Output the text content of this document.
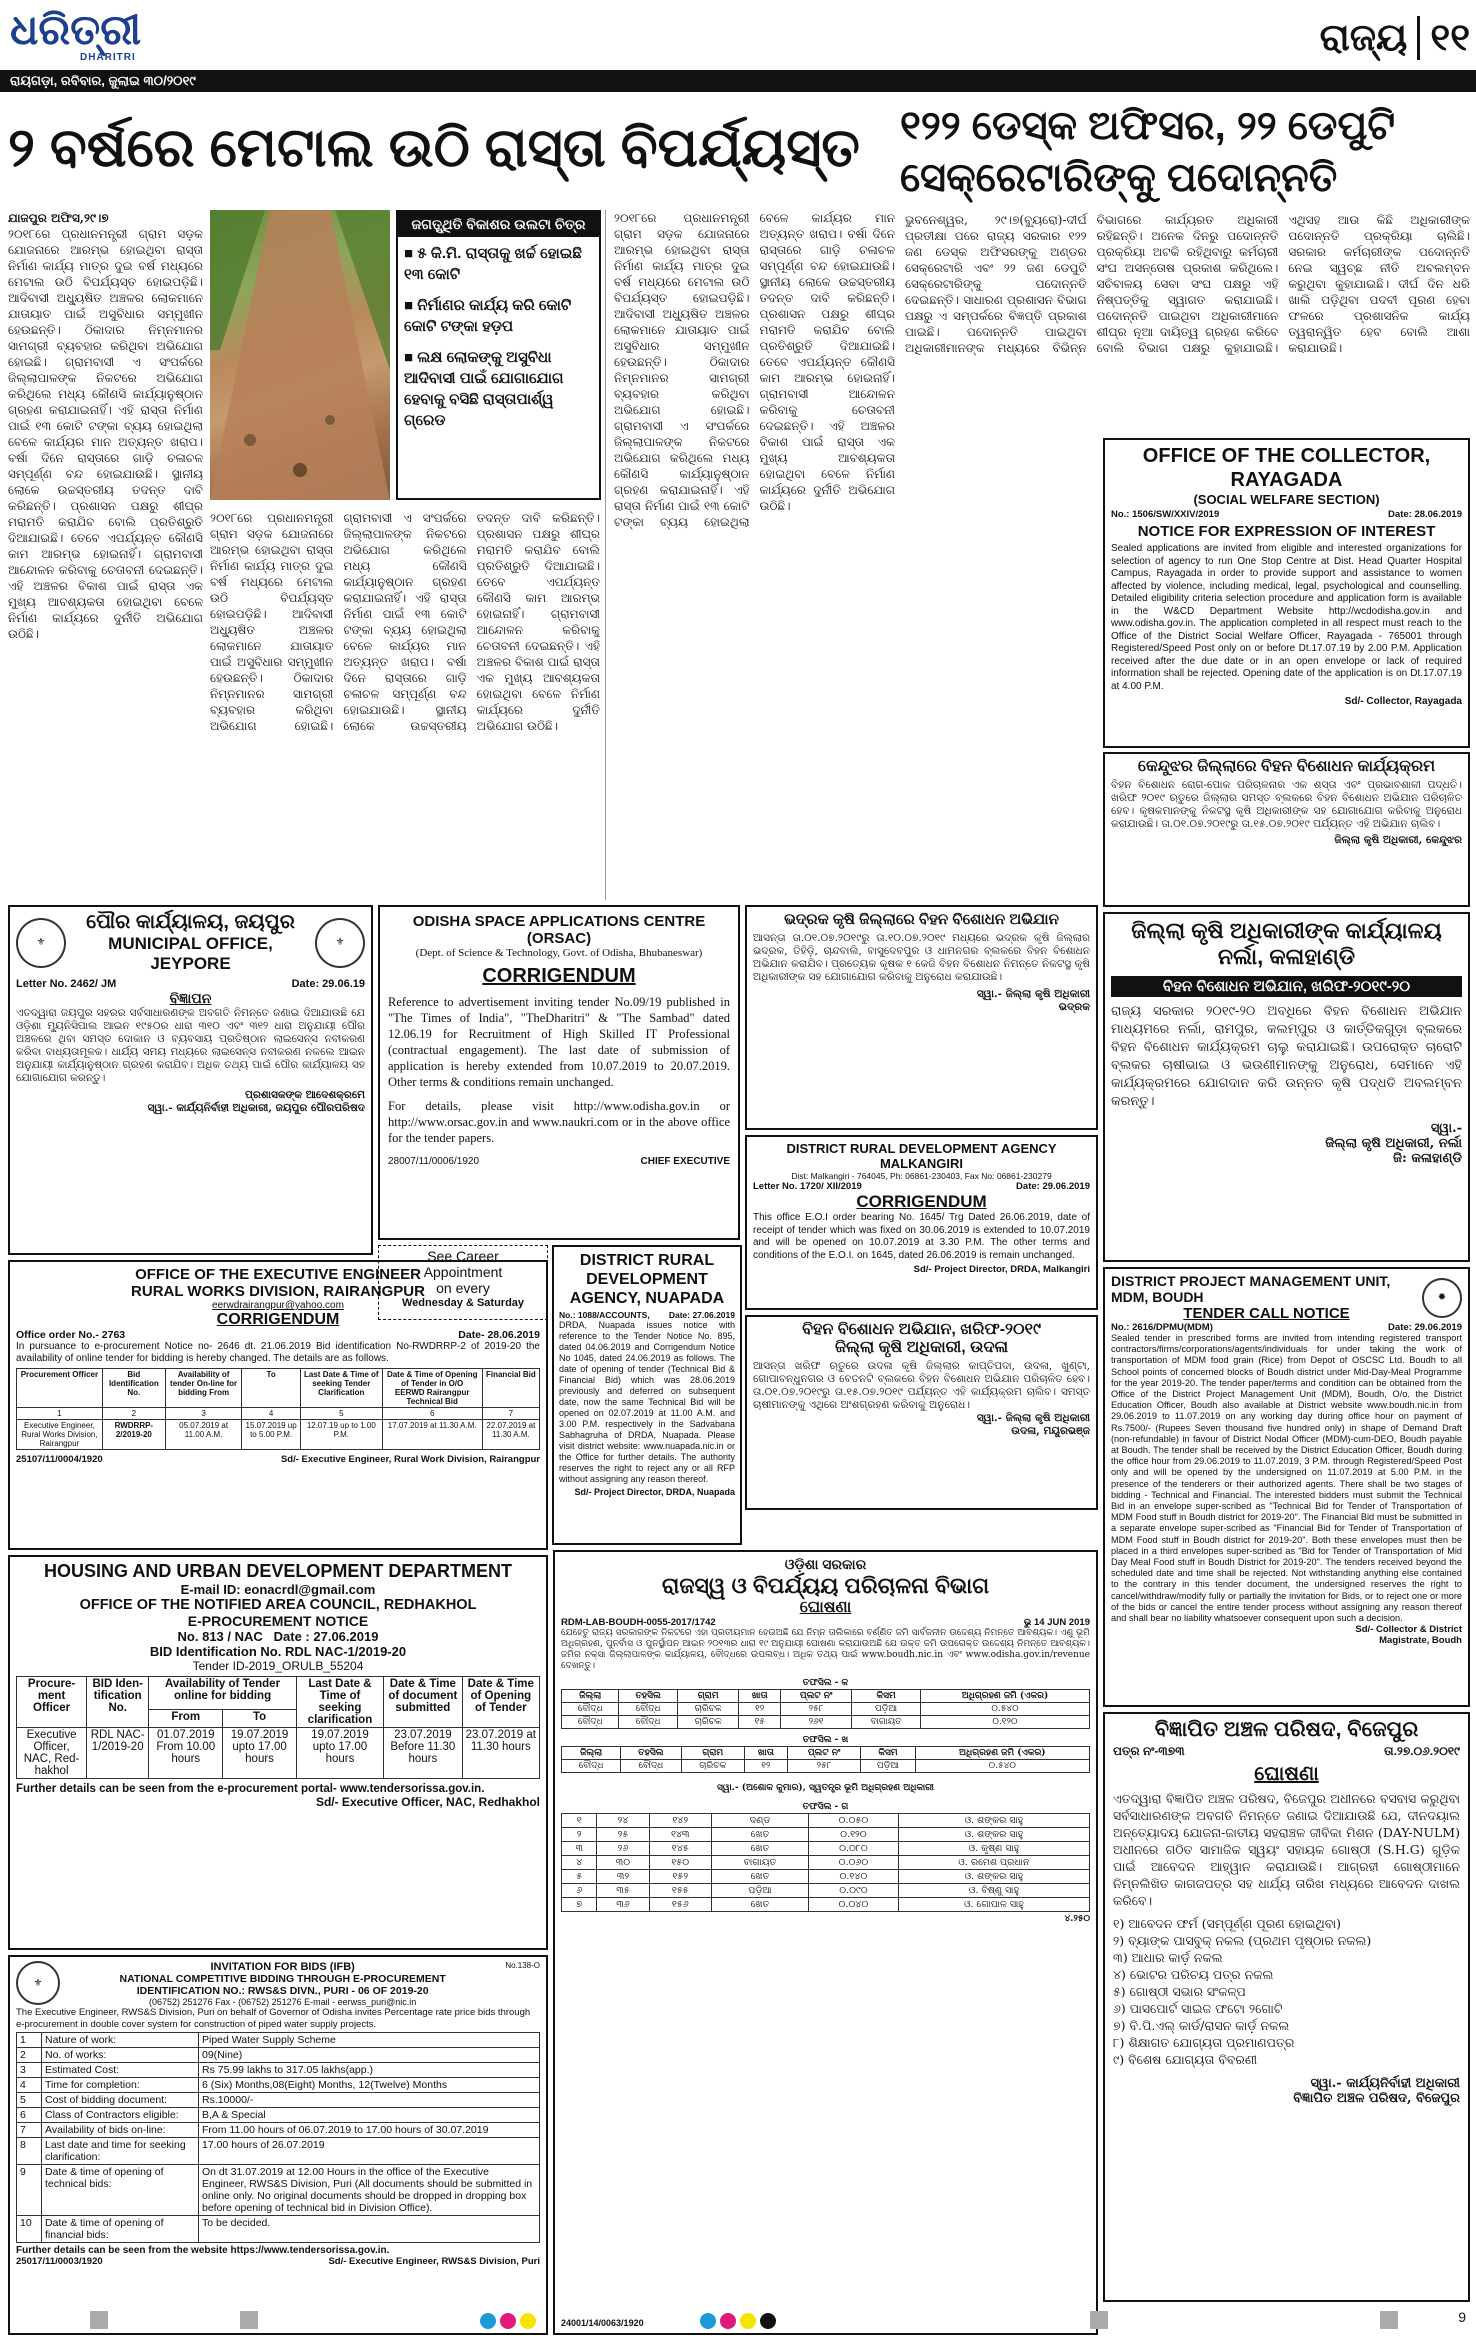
ଧରିତ୍ରୀ
DHARITRI
ରାୟଗଡ଼ା, ରବିବାର, ଜୁଲାଇ ୩୦/୨୦୧୯
ରାଜ୍ୟ ୧୧
୨ ବର୍ଷରେ ମେଟାଲ ଉଠି ରାସ୍ତା ବିପର୍ଯ୍ୟସ୍ତ	୧୨୨ ଡେସ୍କ ଅଫିସର, ୨୨ ଡେପୁଟି ସେକ୍ରେଟାରିଙ୍କୁ ପଦୋନ୍ନତି
ଯାଜପୁର ଅଫିସ,୨୯।୭
୨୦୧୮ରେ ପ୍ରଧାନମନ୍ତ୍ରୀ ଗ୍ରାମ ସଡ଼କ ଯୋଜନାରେ ଆରମ୍ଭ ହୋଇଥିବା ରାସ୍ତା ନିର୍ମାଣ କାର୍ଯ୍ୟ ମାତ୍ର ଦୁଇ ବର୍ଷ ମଧ୍ୟରେ ମେଟାଲ ଉଠି ବିପର୍ଯ୍ୟସ୍ତ ହୋଇପଡ଼ିଛି। ଆଦିବାସୀ ଅଧ୍ୟୁଷିତ ଅଞ୍ଚଳର ଲୋକମାନେ ଯାତାୟାତ ପାଇଁ ଅସୁବିଧାର ସମ୍ମୁଖୀନ ହେଉଛନ୍ତି। ଠିକାଦାର ନିମ୍ନମାନର ସାମଗ୍ରୀ ବ୍ୟବହାର କରିଥିବା ଅଭିଯୋଗ ହୋଇଛି। ଗ୍ରାମବାସୀ ଏ ସଂପର୍କରେ ଜିଲ୍ଲାପାଳଙ୍କ ନିକଟରେ ଅଭିଯୋଗ କରିଥିଲେ ମଧ୍ୟ କୌଣସି କାର୍ଯ୍ୟାନୁଷ୍ଠାନ ଗ୍ରହଣ କରାଯାଇନାହିଁ। ଏହି ରାସ୍ତା ନିର୍ମାଣ ପାଇଁ ୧୩ କୋଟି ଟଙ୍କା ବ୍ୟୟ ହୋଇଥିଲା ବେଳେ କାର୍ଯ୍ୟର ମାନ ଅତ୍ୟନ୍ତ ଖରାପ। ବର୍ଷା ଦିନେ ରାସ୍ତାରେ ଗାଡ଼ି ଚଳାଚଳ ସମ୍ପୂର୍ଣ୍ଣ ବନ୍ଦ ହୋଇଯାଉଛି। ସ୍ଥାନୀୟ ଲୋକେ ଉଚ୍ଚସ୍ତରୀୟ ତଦନ୍ତ ଦାବି କରିଛନ୍ତି। ପ୍ରଶାସନ ପକ୍ଷରୁ ଶୀଘ୍ର ମରାମତି କରାଯିବ ବୋଲି ପ୍ରତିଶ୍ରୁତି ଦିଆଯାଇଛି। ତେବେ ଏପର୍ଯ୍ୟନ୍ତ କୌଣସି କାମ ଆରମ୍ଭ ହୋଇନାହିଁ। ଗ୍ରାମବାସୀ ଆନ୍ଦୋଳନ କରିବାକୁ ଚେତାବନୀ ଦେଇଛନ୍ତି। ଏହି ଅଞ୍ଚଳର ବିକାଶ ପାଇଁ ରାସ୍ତା ଏକ ମୁଖ୍ୟ ଆବଶ୍ୟକତା ହୋଇଥିବା ବେଳେ ନିର୍ମାଣ କାର୍ଯ୍ୟରେ ଦୁର୍ନୀତି ଅଭିଯୋଗ ଉଠିଛି।
ଜଗତ୍ସ୍ଥିତି ବିକାଶର ଉଲଟା ଚିତ୍ର
■ ୫ କି.ମି. ରାସ୍ତାକୁ ଖର୍ଚ୍ଚ ହୋଇଛି ୧୩ କୋଟି
■ ନିର୍ମାଣର କାର୍ଯ୍ୟ କରି କୋଟି କୋଟି ଟଙ୍କା ହଡ଼ପ
■ ଲକ୍ଷ ଲୋକଙ୍କୁ ଅସୁବିଧା ଆଦିବାସୀ ପାଇଁ ଯୋଗାଯୋଗ ହେବାକୁ ବସିଛି ରାସ୍ତାପାର୍ଶ୍ୱ ଗ୍ରେଡ
୨୦୧୮ରେ ପ୍ରଧାନମନ୍ତ୍ରୀ ଗ୍ରାମ ସଡ଼କ ଯୋଜନାରେ ଆରମ୍ଭ ହୋଇଥିବା ରାସ୍ତା ନିର୍ମାଣ କାର୍ଯ୍ୟ ମାତ୍ର ଦୁଇ ବର୍ଷ ମଧ୍ୟରେ ମେଟାଲ ଉଠି ବିପର୍ଯ୍ୟସ୍ତ ହୋଇପଡ଼ିଛି। ଆଦିବାସୀ ଅଧ୍ୟୁଷିତ ଅଞ୍ଚଳର ଲୋକମାନେ ଯାତାୟାତ ପାଇଁ ଅସୁବିଧାର ସମ୍ମୁଖୀନ ହେଉଛନ୍ତି। ଠିକାଦାର ନିମ୍ନମାନର ସାମଗ୍ରୀ ବ୍ୟବହାର କରିଥିବା ଅଭିଯୋଗ ହୋଇଛି। ଗ୍ରାମବାସୀ ଏ ସଂପର୍କରେ ଜିଲ୍ଲାପାଳଙ୍କ ନିକଟରେ ଅଭିଯୋଗ କରିଥିଲେ ମଧ୍ୟ କୌଣସି କାର୍ଯ୍ୟାନୁଷ୍ଠାନ ଗ୍ରହଣ କରାଯାଇନାହିଁ। ଏହି ରାସ୍ତା ନିର୍ମାଣ ପାଇଁ ୧୩ କୋଟି ଟଙ୍କା ବ୍ୟୟ ହୋଇଥିଲା ବେଳେ କାର୍ଯ୍ୟର ମାନ ଅତ୍ୟନ୍ତ ଖରାପ। ବର୍ଷା ଦିନେ ରାସ୍ତାରେ ଗାଡ଼ି ଚଳାଚଳ ସମ୍ପୂର୍ଣ୍ଣ ବନ୍ଦ ହୋଇଯାଉଛି। ସ୍ଥାନୀୟ ଲୋକେ ଉଚ୍ଚସ୍ତରୀୟ ତଦନ୍ତ ଦାବି କରିଛନ୍ତି। ପ୍ରଶାସନ ପକ୍ଷରୁ ଶୀଘ୍ର ମରାମତି କରାଯିବ ବୋଲି ପ୍ରତିଶ୍ରୁତି ଦିଆଯାଇଛି। ତେବେ ଏପର୍ଯ୍ୟନ୍ତ କୌଣସି କାମ ଆରମ୍ଭ ହୋଇନାହିଁ। ଗ୍ରାମବାସୀ ଆନ୍ଦୋଳନ କରିବାକୁ ଚେତାବନୀ ଦେଇଛନ୍ତି। ଏହି ଅଞ୍ଚଳର ବିକାଶ ପାଇଁ ରାସ୍ତା ଏକ ମୁଖ୍ୟ ଆବଶ୍ୟକତା ହୋଇଥିବା ବେଳେ ନିର୍ମାଣ କାର୍ଯ୍ୟରେ ଦୁର୍ନୀତି ଅଭିଯୋଗ ଉଠିଛି।
୨୦୧୮ରେ ପ୍ରଧାନମନ୍ତ୍ରୀ ଗ୍ରାମ ସଡ଼କ ଯୋଜନାରେ ଆରମ୍ଭ ହୋଇଥିବା ରାସ୍ତା ନିର୍ମାଣ କାର୍ଯ୍ୟ ମାତ୍ର ଦୁଇ ବର୍ଷ ମଧ୍ୟରେ ମେଟାଲ ଉଠି ବିପର୍ଯ୍ୟସ୍ତ ହୋଇପଡ଼ିଛି। ଆଦିବାସୀ ଅଧ୍ୟୁଷିତ ଅଞ୍ଚଳର ଲୋକମାନେ ଯାତାୟାତ ପାଇଁ ଅସୁବିଧାର ସମ୍ମୁଖୀନ ହେଉଛନ୍ତି। ଠିକାଦାର ନିମ୍ନମାନର ସାମଗ୍ରୀ ବ୍ୟବହାର କରିଥିବା ଅଭିଯୋଗ ହୋଇଛି। ଗ୍ରାମବାସୀ ଏ ସଂପର୍କରେ ଜିଲ୍ଲାପାଳଙ୍କ ନିକଟରେ ଅଭିଯୋଗ କରିଥିଲେ ମଧ୍ୟ କୌଣସି କାର୍ଯ୍ୟାନୁଷ୍ଠାନ ଗ୍ରହଣ କରାଯାଇନାହିଁ। ଏହି ରାସ୍ତା ନିର୍ମାଣ ପାଇଁ ୧୩ କୋଟି ଟଙ୍କା ବ୍ୟୟ ହୋଇଥିଲା ବେଳେ କାର୍ଯ୍ୟର ମାନ ଅତ୍ୟନ୍ତ ଖରାପ। ବର୍ଷା ଦିନେ ରାସ୍ତାରେ ଗାଡ଼ି ଚଳାଚଳ ସମ୍ପୂର୍ଣ୍ଣ ବନ୍ଦ ହୋଇଯାଉଛି। ସ୍ଥାନୀୟ ଲୋକେ ଉଚ୍ଚସ୍ତରୀୟ ତଦନ୍ତ ଦାବି କରିଛନ୍ତି। ପ୍ରଶାସନ ପକ୍ଷରୁ ଶୀଘ୍ର ମରାମତି କରାଯିବ ବୋଲି ପ୍ରତିଶ୍ରୁତି ଦିଆଯାଇଛି। ତେବେ ଏପର୍ଯ୍ୟନ୍ତ କୌଣସି କାମ ଆରମ୍ଭ ହୋଇନାହିଁ। ଗ୍ରାମବାସୀ ଆନ୍ଦୋଳନ କରିବାକୁ ଚେତାବନୀ ଦେଇଛନ୍ତି। ଏହି ଅଞ୍ଚଳର ବିକାଶ ପାଇଁ ରାସ୍ତା ଏକ ମୁଖ୍ୟ ଆବଶ୍ୟକତା ହୋଇଥିବା ବେଳେ ନିର୍ମାଣ କାର୍ଯ୍ୟରେ ଦୁର୍ନୀତି ଅଭିଯୋଗ ଉଠିଛି।
ଭୁବନେଶ୍ୱର, ୨୯।୭(ବ୍ୟୁରୋ)-ଦୀର୍ଘ ପ୍ରତୀକ୍ଷା ପରେ ରାଜ୍ୟ ସରକାର ୧୨୨ ଜଣ ଡେସ୍କ ଅଫିସରଙ୍କୁ ଅଣ୍ଡର ସେକ୍ରେଟାରି ଏବଂ ୨୨ ଜଣ ଡେପୁଟି ସେକ୍ରେଟାରିଙ୍କୁ ପଦୋନ୍ନତି ଦେଇଛନ୍ତି। ସାଧାରଣ ପ୍ରଶାସନ ବିଭାଗ ପକ୍ଷରୁ ଏ ସମ୍ପର୍କରେ ବିଜ୍ଞପ୍ତି ପ୍ରକାଶ ପାଇଛି। ପଦୋନ୍ନତି ପାଇଥିବା ଅଧିକାରୀମାନଙ୍କ ମଧ୍ୟରେ ବିଭିନ୍ନ ବିଭାଗରେ କାର୍ଯ୍ୟରତ ଅଧିକାରୀ ରହିଛନ୍ତି। ଅନେକ ଦିନରୁ ପଦୋନ୍ନତି ପ୍ରକ୍ରିୟା ଅଟକି ରହିଥିବାରୁ କର୍ମଚାରୀ ସଂଘ ଅସନ୍ତୋଷ ପ୍ରକାଶ କରିଥିଲେ। ସଚିବାଳୟ ସେବା ସଂଘ ପକ୍ଷରୁ ଏହି ନିଷ୍ପତ୍ତିକୁ ସ୍ୱାଗତ କରାଯାଇଛି। ପଦୋନ୍ନତି ପାଇଥିବା ଅଧିକାରୀମାନେ ଶୀଘ୍ର ନୂଆ ଦାୟିତ୍ୱ ଗ୍ରହଣ କରିବେ ବୋଲି ବିଭାଗ ପକ୍ଷରୁ କୁହାଯାଇଛି। ଏଥିସହ ଆଉ କିଛି ଅଧିକାରୀଙ୍କ ପଦୋନ୍ନତି ପ୍ରକ୍ରିୟା ଚାଲିଛି। ସରକାର କର୍ମଚାରୀଙ୍କ ପଦୋନ୍ନତି ନେଇ ସ୍ୱଚ୍ଛ ନୀତି ଅବଲମ୍ବନ କରୁଥିବା କୁହାଯାଇଛି। ଦୀର୍ଘ ଦିନ ଧରି ଖାଲି ପଡ଼ିଥିବା ପଦବୀ ପୂରଣ ହେବା ଫଳରେ ପ୍ରଶାସନିକ କାର୍ଯ୍ୟ ତ୍ୱରାନ୍ୱିତ ହେବ ବୋଲି ଆଶା କରାଯାଉଛି।
OFFICE OF THE COLLECTOR, RAYAGADA
(SOCIAL WELFARE SECTION)
No.: 1506/SW/XXIV/2019	Date: 28.06.2019
NOTICE FOR EXPRESSION OF INTEREST
Sealed applications are invited from eligible and interested organizations for selection of agency to run One Stop Centre at Dist. Head Quarter Hospital Campus, Rayagada in order to provide support and assistance to women affected by violence, including medical, legal, psychological and counselling. Detailed eligibility criteria selection procedure and application form is available in the W&CD Department Website http://wcdodisha.gov.in and www.odisha.gov.in. The application completed in all respect must reach to the Office of the District Social Welfare Officer, Rayagada - 765001 through Registered/Speed Post only on or before Dt.17.07.19 by 2.00 P.M. Application received after the due date or in an open envelope or lack of required information shall be rejected. Opening date of the application is on Dt.17.07.19 at 4.00 P.M.
Sd/- Collector, Rayagada
କେନ୍ଦୁଝର ଜିଲ୍ଲାରେ ବିହନ ବିଶୋଧନ କାର୍ଯ୍ୟକ୍ରମ
ବିହନ ବିଶୋଧନ ରୋଗ-ପୋକ ପରିଚାଳନାର ଏକ ଶସ୍ତା ଏବଂ ପ୍ରଭାବଶାଳୀ ପଦ୍ଧତି। ଖରିଫ ୨୦୧୯ ଋତୁରେ ଜିଲ୍ଲାର ସମସ୍ତ ବ୍ଲକରେ ବିହନ ବିଶୋଧନ ଅଭିଯାନ ପରିଚାଳିତ ହେବ। କୃଷକମାନଙ୍କୁ ନିକଟସ୍ଥ କୃଷି ଅଧିକାରୀଙ୍କ ସହ ଯୋଗାଯୋଗ କରିବାକୁ ଅନୁରୋଧ କରାଯାଉଛି। ତା.୦୧.୦୭.୨୦୧୯ରୁ ତା.୧୫.୦୭.୨୦୧୯ ପର୍ଯ୍ୟନ୍ତ ଏହି ଅଭିଯାନ ଚାଲିବ।
ଜିଲ୍ଲା କୃଷି ଅଧିକାରୀ, କେନ୍ଦୁଝର
⚜
ପୌର କାର୍ଯ୍ୟାଳୟ, ଜୟପୁର
MUNICIPAL OFFICE, JEYPORE
⚜
Letter No. 2462/ JM	Date: 29.06.19
ବିଜ୍ଞାପନ
ଏତଦ୍ୱାରା ଜୟପୁର ସହରର ସର୍ବସାଧାରଣଙ୍କ ଅବଗତି ନିମନ୍ତେ ଜଣାଇ ଦିଆଯାଉଛି ଯେ ଓଡ଼ିଶା ମ୍ୟୁନିସିପାଲ ଆଇନ ୧୯୫୦ର ଧାରା ୩୧୦ ଏବଂ ୩୧୨ ଧାରା ଅନୁଯାୟୀ ପୌର ଅଞ୍ଚଳରେ ଥିବା ସମସ୍ତ ଦୋକାନ ଓ ବ୍ୟବସାୟ ପ୍ରତିଷ୍ଠାନ ଲାଇସେନ୍ସ ନବୀକରଣ କରିବା ବାଧ୍ୟତାମୂଳକ। ଧାର୍ଯ୍ୟ ସମୟ ମଧ୍ୟରେ ଲାଇସେନ୍ସ ନବୀକରଣ ନକଲେ ଆଇନ ଅନୁଯାୟୀ କାର୍ଯ୍ୟାନୁଷ୍ଠାନ ଗ୍ରହଣ କରାଯିବ। ଅଧିକ ତଥ୍ୟ ପାଇଁ ପୌର କାର୍ଯ୍ୟାଳୟ ସହ ଯୋଗାଯୋଗ କରନ୍ତୁ।
ପ୍ରଶାସକଙ୍କ ଆଦେଶକ୍ରମେ
ସ୍ୱା.- କାର୍ଯ୍ୟନିର୍ବାହୀ ଅଧିକାରୀ, ଜୟପୁର ପୌରପରିଷଦ
ODISHA SPACE APPLICATIONS CENTRE
(ORSAC)
(Dept. of Science & Technology, Govt. of Odisha, Bhubaneswar)
CORRIGENDUM
Reference to advertisement inviting tender No.09/19 published in "The Times of India", "TheDharitri" & "The Sambad" dated 12.06.19 for Recruitment of High Skilled IT Professional (contractual engagement). The last date of submission of application is hereby extended from 10.07.2019 to 20.07.2019. Other terms & conditions remain unchanged.
For details, please visit http://www.odisha.gov.in or http://www.orsac.gov.in and www.naukri.com or in the above office for the tender papers.
28007/11/0006/1920	CHIEF EXECUTIVE
ଭଦ୍ରକ କୃଷି ଜିଲ୍ଲାରେ ବିହନ ବିଶୋଧନ ଅଭିଯାନ
ଆସନ୍ତା ତା.୦୧.୦୭.୨୦୧୯ରୁ ତା.୧୦.୦୭.୨୦୧୯ ମଧ୍ୟରେ ଭଦ୍ରକ କୃଷି ଜିଲ୍ଲାର ଭଦ୍ରକ, ତିହିଡ଼ି, ଚାନ୍ଦବାଲି, ବାସୁଦେବପୁର ଓ ଧାମନଗର ବ୍ଲକରେ ବିହନ ବିଶୋଧନ ଅଭିଯାନ କରାଯିବ। ପ୍ରତ୍ୟେକ କୃଷକ ୧ କେଜି ବିହନ ବିଶୋଧନ ନିମନ୍ତେ ନିକଟସ୍ଥ କୃଷି ଅଧିକାରୀଙ୍କ ସହ ଯୋଗାଯୋଗ କରିବାକୁ ଅନୁରୋଧ କରାଯାଉଛି।
ସ୍ୱା.- ଜିଲ୍ଲା କୃଷି ଅଧିକାରୀ
ଭଦ୍ରକ
ଜିଲ୍ଲା କୃଷି ଅଧିକାରୀଙ୍କ କାର୍ଯ୍ୟାଳୟ
ନର୍ଲା, କଳାହାଣ୍ଡି
ବିହନ ବିଶୋଧନ ଅଭିଯାନ, ଖରିଫ-୨୦୧୯-୨୦
ରାଜ୍ୟ ସରକାର ୨୦୧୯-୨୦ ଅବଧିରେ ବିହନ ବିଶୋଧନ ଅଭିଯାନ ମାଧ୍ୟମରେ ନର୍ଲା, ରାମପୁର, କଲମ୍ପୁର ଓ କାର୍ତ୍ତିକଗୁଡ଼ା ବ୍ଲକରେ ବିହନ ବିଶୋଧନ କାର୍ଯ୍ୟକ୍ରମ ଚାଲୁ କରାଯାଇଛି। ଉପରୋକ୍ତ ଚାରୋଟି ବ୍ଲକର ଚାଷୀଭାଇ ଓ ଭଉଣୀମାନଙ୍କୁ ଅନୁରୋଧ, ସେମାନେ ଏହି କାର୍ଯ୍ୟକ୍ରମରେ ଯୋଗଦାନ କରି ଉନ୍ନତ କୃଷି ପଦ୍ଧତି ଅବଲମ୍ବନ କରନ୍ତୁ।
ସ୍ୱା.-
ଜିଲ୍ଲା କୃଷି ଅଧିକାରୀ, ନର୍ଲା
ଜି: କଳାହାଣ୍ଡି
DISTRICT RURAL DEVELOPMENT AGENCY
MALKANGIRI
Dist: Malkangiri - 764045, Ph: 06861-230403, Fax No: 06861-230279
Letter No. 1720/ XII/2019	Date: 29.06.2019
CORRIGENDUM
This office E.O.I order bearing No. 1645/ Trg Dated 26.06.2019, date of receipt of tender which was fixed on 30.06.2019 is extended to 10.07.2019 and will be opened on 10.07.2019 at 3.30 P.M. The other terms and conditions of the E.O.I. on 1645, dated 26.06.2019 is remain unchanged.
Sd/- Project Director, DRDA, Malkangiri
See Career
Appointment
on every
Wednesday & Saturday
DISTRICT RURAL DEVELOPMENT AGENCY, NUAPADA
No.: 1088/ACCOUNTS, Date: 27.06.2019
DRDA, Nuapada issues notice with reference to the Tender Notice No. 895, dated 04.06.2019 and Corrigendum Notice No 1045, dated 24.06.2019 as follows. The date of opening of tender (Technical Bid & Financial Bid) which was 28.06.2019 previously and deferred on subsequent date, now the same Technical Bid will be opened on 02.07.2019 at 11.00 A.M. and 3.00 P.M. respectively in the Sadvabana Sabhagruha of DRDA, Nuapada. Please visit district website: www.nuapada.nic.in or the Office for further details. The authority reserves the right to reject any or all RFP without assigning any reason thereof.
Sd/- Project Director, DRDA, Nuapada
ବିହନ ବିଶୋଧନ ଅଭିଯାନ, ଖରିଫ-୨୦୧୯
ଜିଲ୍ଲା କୃଷି ଅଧିକାରୀ, ଉଦଳା
ଆସନ୍ତା ଖରିଫ ଋତୁରେ ଉଦଳା କୃଷି ଜିଲ୍ଲାର କାପ୍ତିପଦା, ଉଦଳା, ଖୁଣ୍ଟା, ଗୋପାବନ୍ଧୁନଗର ଓ ବେତନଟି ବ୍ଲକରେ ବିହନ ବିଶୋଧନ ଅଭିଯାନ ପରିଚାଳିତ ହେବ। ତା.୦୧.୦୭.୨୦୧୯ରୁ ତା.୧୫.୦୭.୨୦୧୯ ପର୍ଯ୍ୟନ୍ତ ଏହି କାର୍ଯ୍ୟକ୍ରମ ଚାଲିବ। ସମସ୍ତ ଚାଷୀମାନଙ୍କୁ ଏଥିରେ ଅଂଶଗ୍ରହଣ କରିବାକୁ ଅନୁରୋଧ।
ସ୍ୱା.- ଜିଲ୍ଲା କୃଷି ଅଧିକାରୀ
ଉଦଳା, ମୟୂରଭଞ୍ଜ
DISTRICT PROJECT MANAGEMENT UNIT, MDM, BOUDH
TENDER CALL NOTICE
✹
No.: 2616/DPMU(MDM)	Date: 29.06.2019
Sealed tender in prescribed forms are invited from intending registered transport contractors/firms/corporations/agents/individuals for under taking the work of transportation of MDM food grain (Rice) from Depot of OSCSC Ltd. Boudh to all School points of concerned blocks of Boudh district under Mid-Day-Meal Programme for the year 2019-20. The tender paper/terms and condition can be obtained from the Office of the District Project Management Unit (MDM), Boudh, O/o. the District Education Officer, Boudh also available at District website www.boudh.nic.in from 29.06.2019 to 11.07.2019 on any working day during office hour on payment of Rs.7500/- (Rupees Seven thousand five hundred only) in shape of Demand Draft (non-refundable) in favour of District Nodal Officer (MDM)-cum-DEO, Boudh payable at Boudh. The tender shall be received by the District Education Officer, Boudh during the office hour from 29.06.2019 to 11.07.2019, 3 P.M. through Registered/Speed Post only and will be opened by the undersigned on 11.07.2019 at 5.00 P.M. in the presence of the tenderers or their authorized agents. There shall be two stages of bidding - Technical and Financial. The interested bidders must submit the Technical Bid in an envelope super-scribed as "Technical Bid for Tender of Transportation of MDM Food stuff in Boudh district for 2019-20". The Financial Bid must be submitted in a separate envelope super-scribed as "Financial Bid for Tender of Transportation of MDM Food stuff in Boudh district for 2019-20". Both these envelopes must then be placed in a third envelopes super-scribed as "Bid for Tender of Transportation of Mid Day Meal Food stuff in Boudh District for 2019-20". The tenders received beyond the scheduled date and time shall be rejected. Not withstanding anything else contained to the contrary in this tender document, the undersigned reserves the right to cancel/withdraw/modify fully or partially the invitation for Bids, or to reject one or more of the bids or cancel the entire tender process without assigning any reason thereof and shall bear no liability whatsoever consequent upon such a decision.
Sd/- Collector & District
Magistrate, Boudh
OFFICE OF THE EXECUTIVE ENGINEER
RURAL WORKS DIVISION, RAIRANGPUR
eerwdrairangpur@yahoo.com
CORRIGENDUM
Office order No.- 2763	Date- 28.06.2019
In pursuance to e-procurement Notice no- 2646 dt. 21.06.2019 Bid identification No-RWDRRP-2 of 2019-20 the availability of online tender for bidding is hereby changed. The details are as follows.
Procurement Officer	Bid Identification No.	Availability of tender On-line for bidding From	To	Last Date & Time of seeking Tender Clarification	Date & Time of Opening of Tender in O/O EERWD Rairangpur Technical Bid	Financial Bid
1	2	3	4	5	6	7
Executive Engineer, Rural Works Division, Rairangpur	RWDRRP-2/2019-20	05.07.2019 at 11.00 A.M.	15.07.2019 up to 5.00 P.M.	12.07.19 up to 1.00 P.M.	17.07.2019 at 11.30 A.M.	22.07.2019 at 11.30 A.M.
25107/11/0004/1920	Sd/- Executive Engineer, Rural Work Division, Rairangpur
HOUSING AND URBAN DEVELOPMENT DEPARTMENT
E-mail ID: eonacrdl@gmail.com
OFFICE OF THE NOTIFIED AREA COUNCIL, REDHAKHOL
E-PROCUREMENT NOTICE
No. 813 / NAC Date : 27.06.2019
BID Identification No. RDL NAC-1/2019-20
Tender ID-2019_ORULB_55204
Procure-ment Officer	BID Iden-tification No.	Availability of Tender online for bidding		Last Date & Time of seeking clarification	Date & Time of document submitted	Date & Time of Opening of Tender
		From	To			
Executive Officer, NAC, Red-hakhol	RDL NAC-1/2019-20	01.07.2019 From 10.00 hours	19.07.2019 upto 17.00 hours	19.07.2019 upto 17.00 hours	23.07.2019 Before 11.30 hours	23.07.2019 at 11.30 hours
Further details can be seen from the e-procurement portal- www.tendersorissa.gov.in.
Sd/- Executive Officer, NAC, Redhakhol
ଓଡ଼ିଶା ସରକାର
ରାଜସ୍ୱ ଓ ବିପର୍ଯ୍ୟୟ ପରିଚାଳନା ବିଭାଗ
ଘୋଷଣା
RDM-LAB-BOUDH-0055-2017/1742	ଭୁ 14 JUN 2019
ଯେହେତୁ ରାଜ୍ୟ ସରକାରଙ୍କ ନିକଟରେ ଏହା ପ୍ରତୀୟମାନ ହେଉଅଛି ଯେ ନିମ୍ନ ତାଲିକାରେ ବର୍ଣ୍ଣିତ ଜମି ସାର୍ବଜନୀନ ଉଦ୍ଦେଶ୍ୟ ନିମନ୍ତେ ଆବଶ୍ୟକ। ଏଣୁ ଭୂମି ଅଧିଗ୍ରହଣ, ପୁନର୍ବାସ ଓ ପୁନର୍ସ୍ଥାପନ ଆଇନ ୨୦୧୩ର ଧାରା ୧୯ ଅନୁଯାୟୀ ଘୋଷଣା କରାଯାଉଅଛି ଯେ ଉକ୍ତ ଜମି ଉପରୋକ୍ତ ଉଦ୍ଦେଶ୍ୟ ନିମନ୍ତେ ଆବଶ୍ୟକ। ଜମିର ନକ୍ସା ଜିଲ୍ଲାପାଳଙ୍କ କାର୍ଯ୍ୟାଳୟ, ବୌଦ୍ଧରେ ଉପଲବ୍ଧ। ଅଧିକ ତଥ୍ୟ ପାଇଁ www.boudh.nic.in ଏବଂ www.odisha.gov.in/revenue ଦେଖନ୍ତୁ।
ତଫସିଲ - କ
ଜିଲ୍ଲା	ତହସିଲ	ଗ୍ରାମ	ଖାତା	ପ୍ଲଟ ନଂ	କିସମ	ଅଧିଗ୍ରହଣ ଜମି (ଏକର)
ବୌଦ୍ଧ	ବୌଦ୍ଧ	ଚାରିଚକ	୧୨	୨୫୮	ପଡ଼ିଆ	୦.୫୪୦
ବୌଦ୍ଧ	ବୌଦ୍ଧ	ଚାରିଚକ	୧୫	୨୬୧	ବାଗାୟତ	୦.୧୨୦
ତଫସିଲ - ଖ
ଜିଲ୍ଲା	ତହସିଲ	ଗ୍ରାମ	ଖାତା	ପ୍ଲଟ ନଂ	କିସମ	ଅଧିଗ୍ରହଣ ଜମି (ଏକର)
ବୌଦ୍ଧ	ବୌଦ୍ଧ	ଚାରିଚକ	୧୨	୨୫୮	ପଡ଼ିଆ	୦.୫୪୦
ସ୍ୱା.- (ଅଶୋକ କୁମାର), ସ୍ୱତନ୍ତ୍ର ଭୂମି ଅଧିଗ୍ରହଣ ଅଧିକାରୀ
ତଫସିଲ - ଗ
୧	୨୪	୧୪୨	ଦଣ୍ଡ	୦.୦୫୦	ଓ. ଶଙ୍କର ସାହୁ
୨	୨୫	୧୪୩	ଖେତ	୦.୧୨୦	ଓ. ଶଙ୍କର ସାହୁ
୩	୨୬	୧୪୫	ଖେତ	୦.୦୮୦	ଓ. କୃଷ୍ଣ ସାହୁ
୪	୩୦	୧୫୦	ବାଗାୟତ	୦.୦୬୦	ଓ. ରମେଶ ପ୍ରଧାନ
୫	୩୨	୧୫୨	ଖେତ	୦.୧୪୦	ଓ. ଶଙ୍କର ସାହୁ
୬	୩୫	୧୫୫	ପଡ଼ିଆ	୦.୦୯୦	ଓ. ବିଷ୍ଣୁ ସାହୁ
୭	୩୬	୧୫୬	ଖେତ	୦.୦୪୦	ଓ. ଗୋପାଳ ସାହୁ
୪.୨୫୦
24001/14/0063/1920
ବିଜ୍ଞାପିତ ଅଞ୍ଚଳ ପରିଷଦ, ବିଜେପୁର
ପତ୍ର ନଂ-୩୭୩	ତା.୨୭.୦୬.୨୦୧୯
ଘୋଷଣା
ଏତଦ୍ୱାରା ବିଜ୍ଞାପିତ ଅଞ୍ଚଳ ପରିଷଦ, ବିଜେପୁର ଅଧୀନରେ ବସବାସ କରୁଥିବା ସର୍ବସାଧାରଣଙ୍କ ଅବଗତି ନିମନ୍ତେ ଜଣାଇ ଦିଆଯାଉଛି ଯେ, ଦୀନଦୟାଲ ଅନ୍ତ୍ୟୋଦୟ ଯୋଜନା-ଜାତୀୟ ସହରାଞ୍ଚଳ ଜୀବିକା ମିଶନ (DAY-NULM) ଅଧୀନରେ ଗଠିତ ସାମାଜିକ ସ୍ୱୟଂ ସହାୟକ ଗୋଷ୍ଠୀ (S.H.G) ଗୁଡ଼ିକ ପାଇଁ ଆବେଦନ ଆହ୍ୱାନ କରାଯାଉଛି। ଆଗ୍ରହୀ ଗୋଷ୍ଠୀମାନେ ନିମ୍ନଲିଖିତ କାଗଜପତ୍ର ସହ ଧାର୍ଯ୍ୟ ତାରିଖ ମଧ୍ୟରେ ଆବେଦନ ଦାଖଲ କରିବେ।
୧) ଆବେଦନ ଫର୍ମ (ସମ୍ପୂର୍ଣ୍ଣ ପୂରଣ ହୋଇଥିବା)
୨) ବ୍ୟାଙ୍କ ପାସବୁକ୍ ନକଲ (ପ୍ରଥମ ପୃଷ୍ଠାର ନକଲ)
୩) ଆଧାର କାର୍ଡ଼ ନକଲ
୪) ଭୋଟର ପରିଚୟ ପତ୍ର ନକଲ
୫) ଗୋଷ୍ଠୀ ସଭାର ସଂକଳ୍ପ
୬) ପାସପୋର୍ଟ ସାଇଜ ଫଟୋ ୨ଗୋଟି
୭) ବି.ପି.ଏଲ୍ କାର୍ଡ/ରାସନ କାର୍ଡ଼ ନକଲ
୮) ଶିକ୍ଷାଗତ ଯୋଗ୍ୟତା ପ୍ରମାଣପତ୍ର
୯) ବିଶେଷ ଯୋଗ୍ୟତା ବିବରଣୀ
ସ୍ୱା.- କାର୍ଯ୍ୟନିର୍ବାହୀ ଅଧିକାରୀ
ବିଜ୍ଞାପିତ ଅଞ୍ଚଳ ପରିଷଦ, ବିଜେପୁର
⚜
INVITATION FOR BIDS (IFB)
NATIONAL COMPETITIVE BIDDING THROUGH E-PROCUREMENT
IDENTIFICATION NO.: RWS&S DIVN., PURI - 06 OF 2019-20
(06752) 251276 Fax - (06752) 251276 E-mail - eerwss_puri@nic.in
No.138-O
The Executive Engineer, RWS&S Division, Puri on behalf of Governor of Odisha invites Percentage rate price bids through e-procurement in double cover system for construction of piped water supply projects.
1	Nature of work:	Piped Water Supply Scheme
2	No. of works:	09(Nine)
3	Estimated Cost:	Rs 75.99 lakhs to 317.05 lakhs(app.)
4	Time for completion:	6 (Six) Months,08(Eight) Months, 12(Twelve) Months
5	Cost of bidding document:	Rs.10000/-
6	Class of Contractors eligible:	B,A & Special
7	Availability of bids on-line:	From 11.00 hours of 06.07.2019 to 17.00 hours of 30.07.2019
8	Last date and time for seeking clarification:	17.00 hours of 26.07.2019
9	Date & time of opening of technical bids:	On dt 31.07.2019 at 12.00 Hours in the office of the Executive Engineer, RWS&S Division, Puri (All documents should be submitted in online only. No original documents should be dropped in dropping box before opening of technical bid in Division Office).
10	Date & time of opening of financial bids:	To be decided.
Further details can be seen from the website https://www.tendersorissa.gov.in.
25017/11/0003/1920	Sd/- Executive Engineer, RWS&S Division, Puri
9
